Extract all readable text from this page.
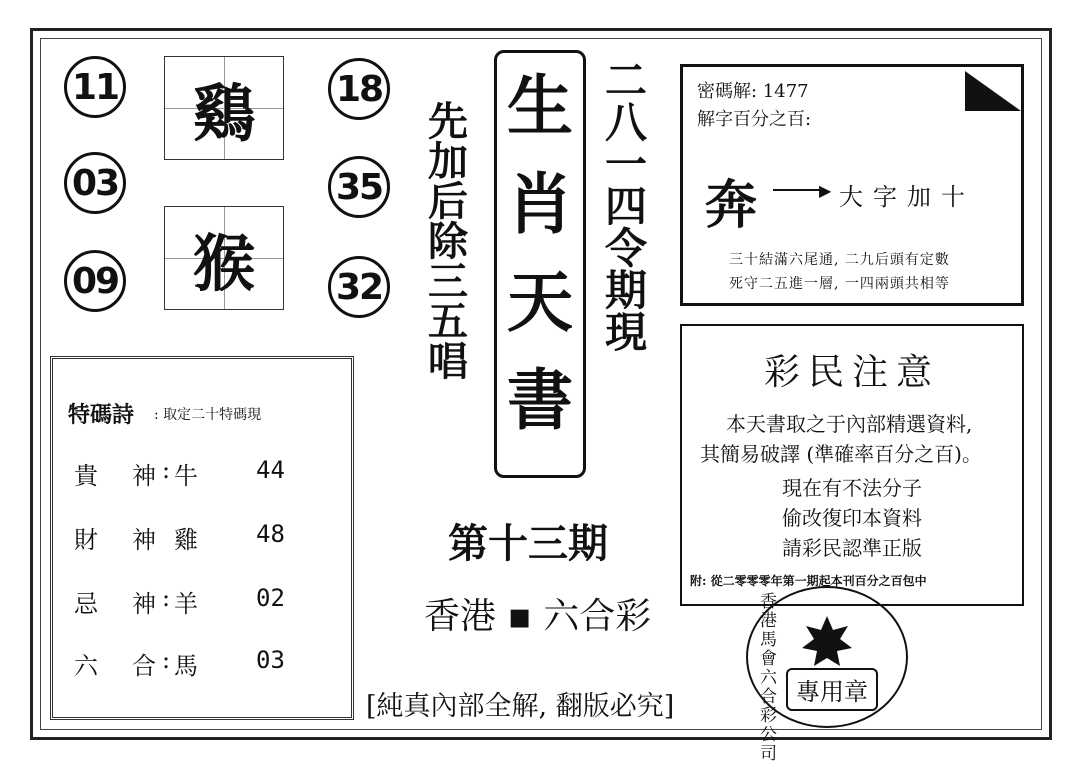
11
03
09
鷄
猴
18
35
32
先
加
后
除
三
五
唱
生
肖
天
書
二
八
一
四
令
期
現
密碼解: 1477
解字百分之百:
奔	▶ 大字加十
三十結滿六尾通, 二九后頭有定數
死守二五進一層, 一四兩頭共相等
彩民注意
本天書取之于內部精選資料,
其簡易破譯 (準確率百分之百)。
現在有不法分子
偷改復印本資料
請彩民認準正版
附: 從二零零零年第一期起本刊百分之百包中
特碼詩 : 取定二十特碼現
貴 神 : 牛 44
財 神 雞 48
忌 神 : 羊 02
六 合 : 馬 03
第十三期
香港 ▪ 六合彩
[純真內部全解, 翻版必究]	香港馬會六合彩公司 專用章
